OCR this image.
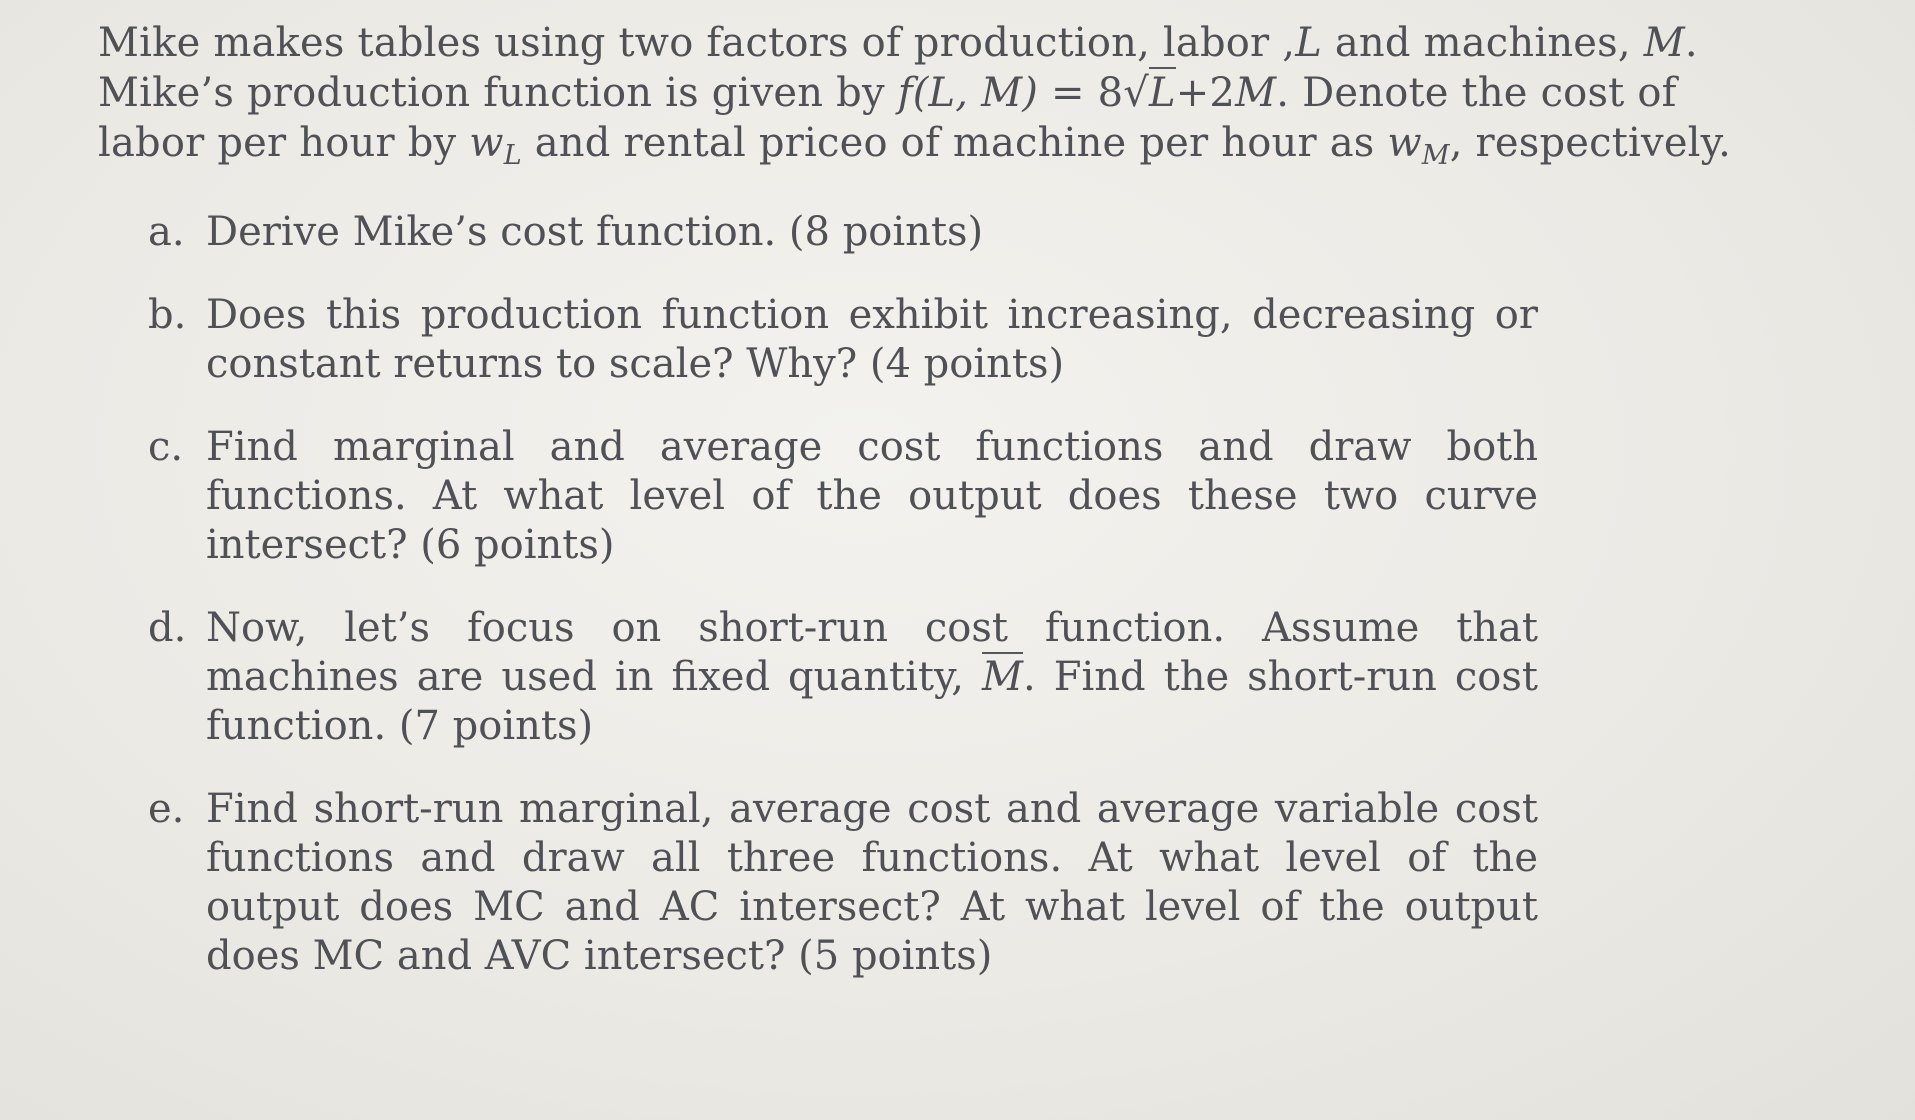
Mike makes tables using two factors of production, labor ,L and machines, M.
Mike’s production function is given by f(L, M) = 8√L+2M. Denote the cost of
labor per hour by $w_L$ and rental priceo of machine per hour as $w_M$, respectively.
a. Derive Mike’s cost function. (8 points)
b. Does this production function exhibit increasing, decreasing or constant returns to scale? Why? (4 points)
c. Find marginal and average cost functions and draw both functions. At what level of the output does these two curve intersect? (6 points)
d. Now, let’s focus on short-run cost function. Assume that machines are used in fixed quantity, M. Find the short-run cost function. (7 points)
e. Find short-run marginal, average cost and average variable cost functions and draw all three functions. At what level of the output does MC and AC intersect? At what level of the output does MC and AVC intersect? (5 points)
